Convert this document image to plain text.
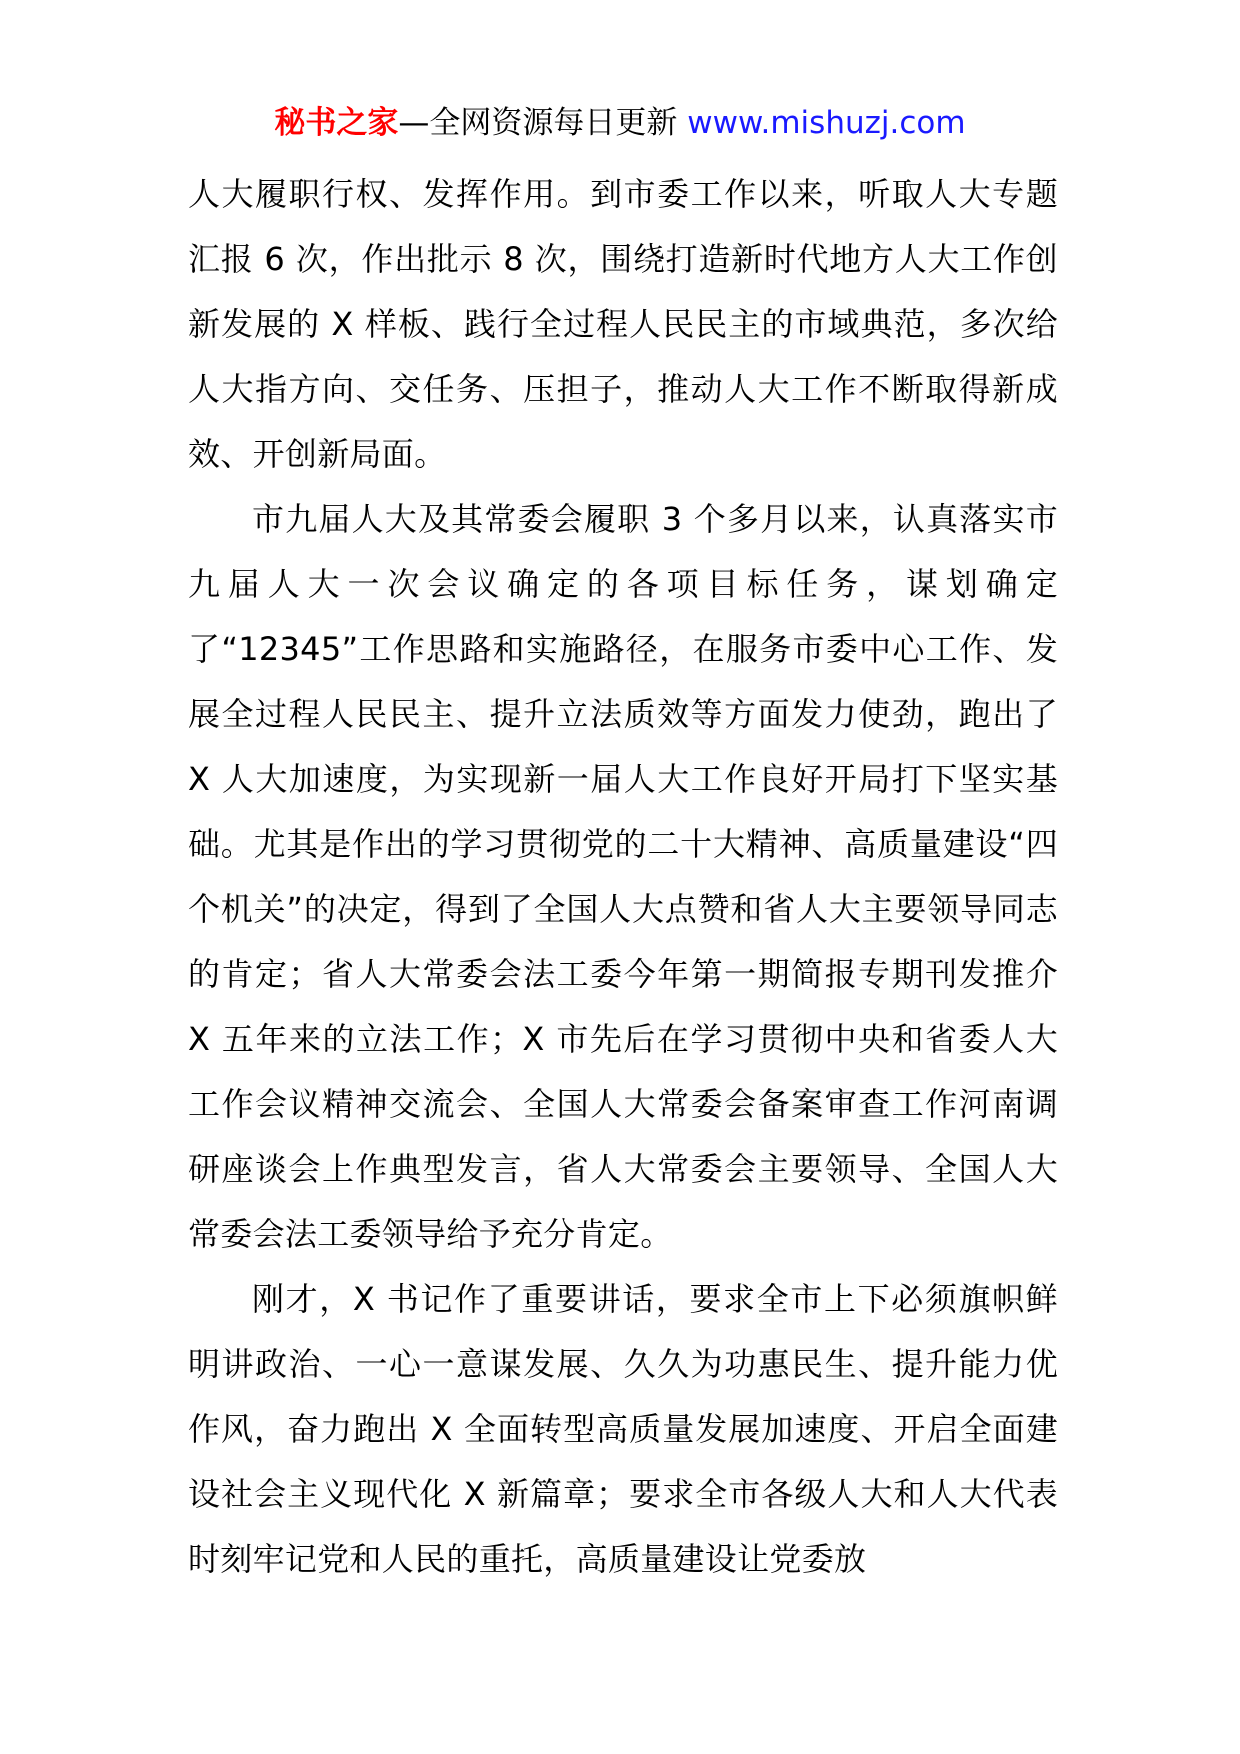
秘书之家—全网资源每日更新 www.mishuzj.com

人大履职行权、发挥作用。到市委工作以来，听取人大专题汇报 6 次，作出批示 8 次，围绕打造新时代地方人大工作创新发展的 X 样板、践行全过程人民民主的市域典范，多次给人大指方向、交任务、压担子，推动人大工作不断取得新成效、开创新局面。

市九届人大及其常委会履职 3 个多月以来，认真落实市九届人大一次会议确定的各项目标任务，谋划确定了“12345”工作思路和实施路径，在服务市委中心工作、发展全过程人民民主、提升立法质效等方面发力使劲，跑出了 X 人大加速度，为实现新一届人大工作良好开局打下坚实基础。尤其是作出的学习贯彻党的二十大精神、高质量建设“四个机关”的决定，得到了全国人大点赞和省人大主要领导同志的肯定；省人大常委会法工委今年第一期简报专期刊发推介 X 五年来的立法工作；X 市先后在学习贯彻中央和省委人大工作会议精神交流会、全国人大常委会备案审查工作河南调研座谈会上作典型发言，省人大常委会主要领导、全国人大常委会法工委领导给予充分肯定。

刚才，X 书记作了重要讲话，要求全市上下必须旗帜鲜明讲政治、一心一意谋发展、久久为功惠民生、提升能力优作风，奋力跑出 X 全面转型高质量发展加速度、开启全面建设社会主义现代化 X 新篇章；要求全市各级人大和人大代表时刻牢记党和人民的重托，高质量建设让党委放
